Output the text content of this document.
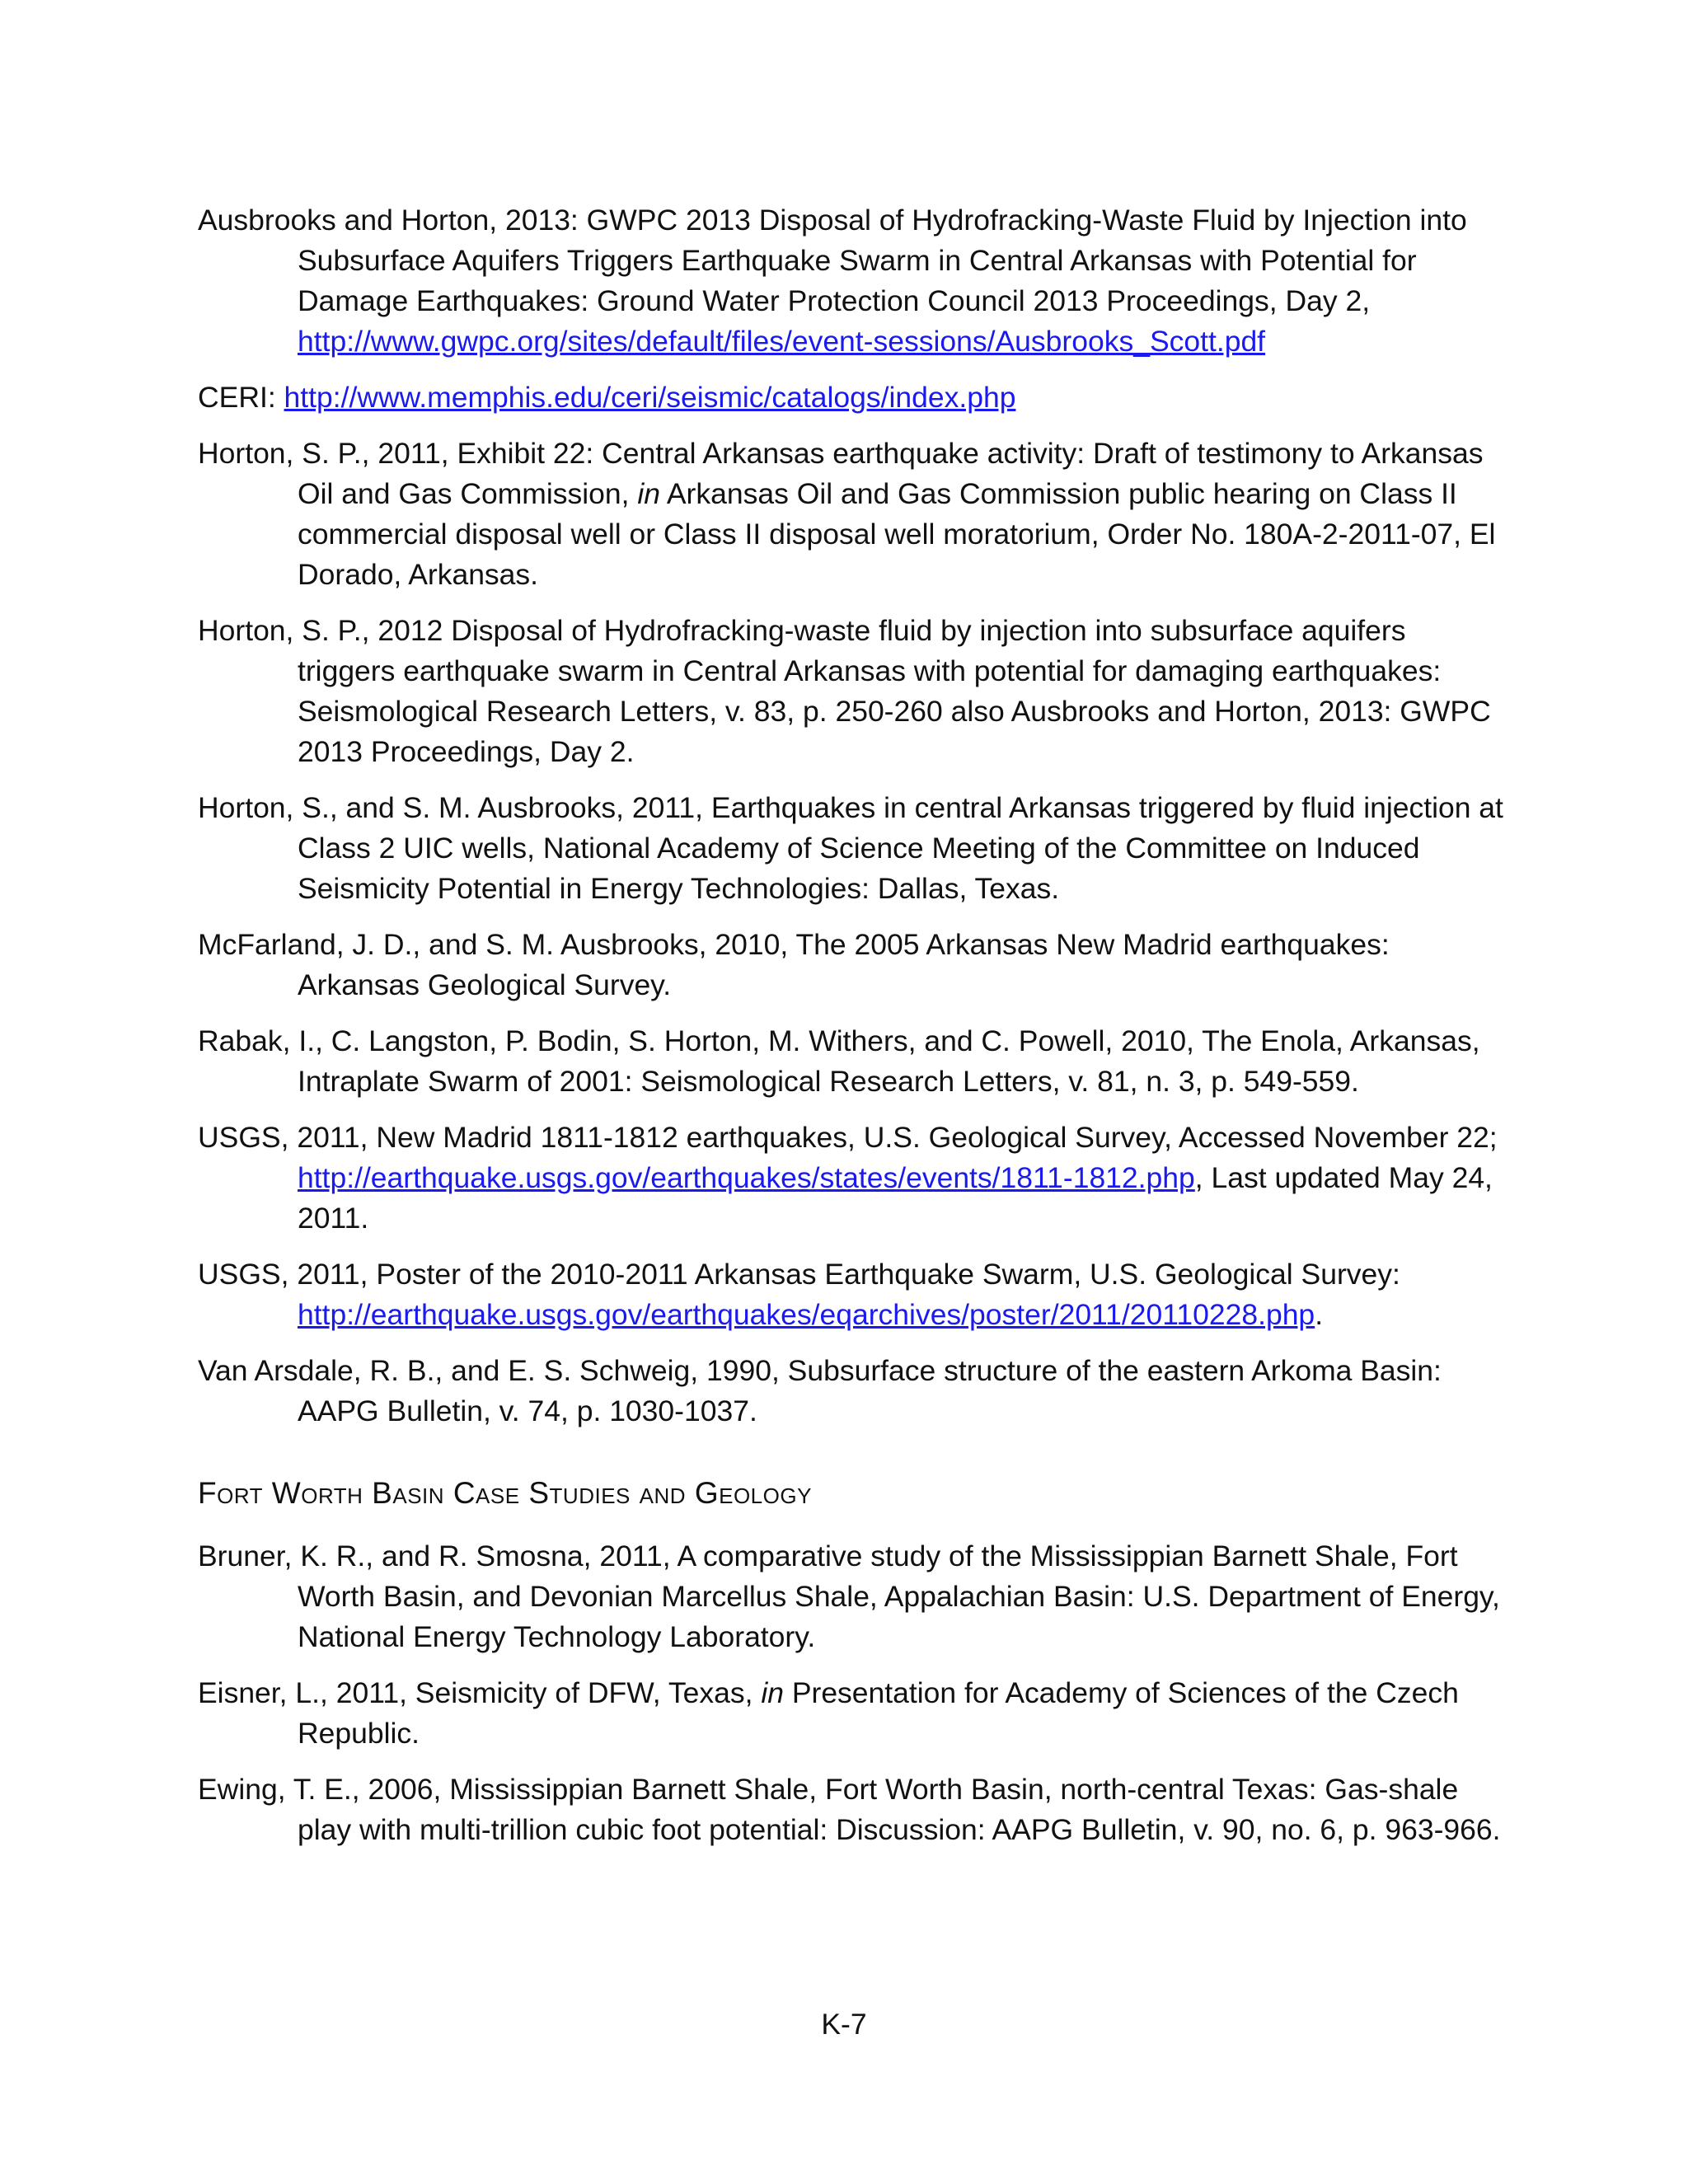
Ausbrooks and Horton, 2013: GWPC 2013 Disposal of Hydrofracking-Waste Fluid by Injection into Subsurface Aquifers Triggers Earthquake Swarm in Central Arkansas with Potential for Damage Earthquakes: Ground Water Protection Council 2013 Proceedings, Day 2, http://www.gwpc.org/sites/default/files/event-sessions/Ausbrooks_Scott.pdf

CERI: http://www.memphis.edu/ceri/seismic/catalogs/index.php

Horton, S. P., 2011, Exhibit 22: Central Arkansas earthquake activity: Draft of testimony to Arkansas Oil and Gas Commission, in Arkansas Oil and Gas Commission public hearing on Class II commercial disposal well or Class II disposal well moratorium, Order No. 180A-2-2011-07, El Dorado, Arkansas.

Horton, S. P., 2012 Disposal of Hydrofracking-waste fluid by injection into subsurface aquifers triggers earthquake swarm in Central Arkansas with potential for damaging earthquakes: Seismological Research Letters, v. 83, p. 250-260 also Ausbrooks and Horton, 2013: GWPC 2013 Proceedings, Day 2.

Horton, S., and S. M. Ausbrooks, 2011, Earthquakes in central Arkansas triggered by fluid injection at Class 2 UIC wells, National Academy of Science Meeting of the Committee on Induced Seismicity Potential in Energy Technologies: Dallas, Texas.

McFarland, J. D., and S. M. Ausbrooks, 2010, The 2005 Arkansas New Madrid earthquakes: Arkansas Geological Survey.

Rabak, I., C. Langston, P. Bodin, S. Horton, M. Withers, and C. Powell, 2010, The Enola, Arkansas, Intraplate Swarm of 2001: Seismological Research Letters, v. 81, n. 3, p. 549-559.

USGS, 2011, New Madrid 1811-1812 earthquakes, U.S. Geological Survey, Accessed November 22; http://earthquake.usgs.gov/earthquakes/states/events/1811-1812.php, Last updated May 24, 2011.

USGS, 2011, Poster of the 2010-2011 Arkansas Earthquake Swarm, U.S. Geological Survey: http://earthquake.usgs.gov/earthquakes/eqarchives/poster/2011/20110228.php.

Van Arsdale, R. B., and E. S. Schweig, 1990, Subsurface structure of the eastern Arkoma Basin: AAPG Bulletin, v. 74, p. 1030-1037.

Fort Worth Basin Case Studies and Geology

Bruner, K. R., and R. Smosna, 2011, A comparative study of the Mississippian Barnett Shale, Fort Worth Basin, and Devonian Marcellus Shale, Appalachian Basin: U.S. Department of Energy, National Energy Technology Laboratory.

Eisner, L., 2011, Seismicity of DFW, Texas, in Presentation for Academy of Sciences of the Czech Republic.

Ewing, T. E., 2006, Mississippian Barnett Shale, Fort Worth Basin, north-central Texas: Gas-shale play with multi-trillion cubic foot potential: Discussion: AAPG Bulletin, v. 90, no. 6, p. 963-966.

K-7
